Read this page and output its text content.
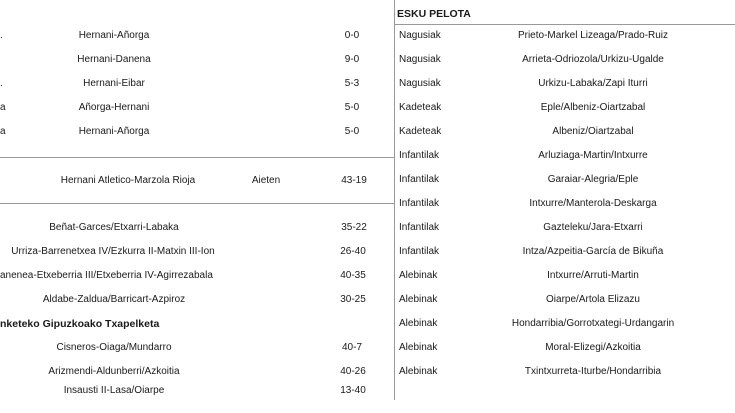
.	Hernani-Añorga	0-0
Hernani-Danena	9-0
.	Hernani-Eibar	5-3
a	Añorga-Hernani	5-0
a	Hernani-Añorga	5-0
Hernani Atletico-Marzola Rioja	Aieten	43-19
Beñat-Garces/Etxarri-Labaka	35-22
Urriza-Barrenetxea IV/Ezkurra II-Matxin III-Ion	26-40
anenea-Etxeberria III/Etxeberria IV-Agirrezabala	40-35
Aldabe-Zaldua/Barricart-Azpiroz	30-25
nketeko Gipuzkoako Txapelketa
Cisneros-Oiaga/Mundarro	40-7
Arizmendi-Aldunberri/Azkoitia	40-26
Insausti II-Lasa/Oiarpe	13-40
ESKU PELOTA
Nagusiak	Prieto-Markel Lizeaga/Prado-Ruiz
Nagusiak	Arrieta-Odriozola/Urkizu-Ugalde
Nagusiak	Urkizu-Labaka/Zapi Iturri
Kadeteak	Eple/Albeniz-Oiartzabal
Kadeteak	Albeniz/Oiartzabal
Infantilak	Arluziaga-Martin/Intxurre
Infantilak	Garaiar-Alegria/Eple
Infantilak	Intxurre/Manterola-Deskarga
Infantilak	Gazteleku/Jara-Etxarri
Infantilak	Intza/Azpeitia-García de Bikuña
Alebinak	Intxurre/Arruti-Martin
Alebinak	Oiarpe/Artola Elizazu
Alebinak	Hondarribia/Gorrotxategi-Urdangarin
Alebinak	Moral-Elizegi/Azkoitia
Alebinak	Txintxurreta-Iturbe/Hondarribia
